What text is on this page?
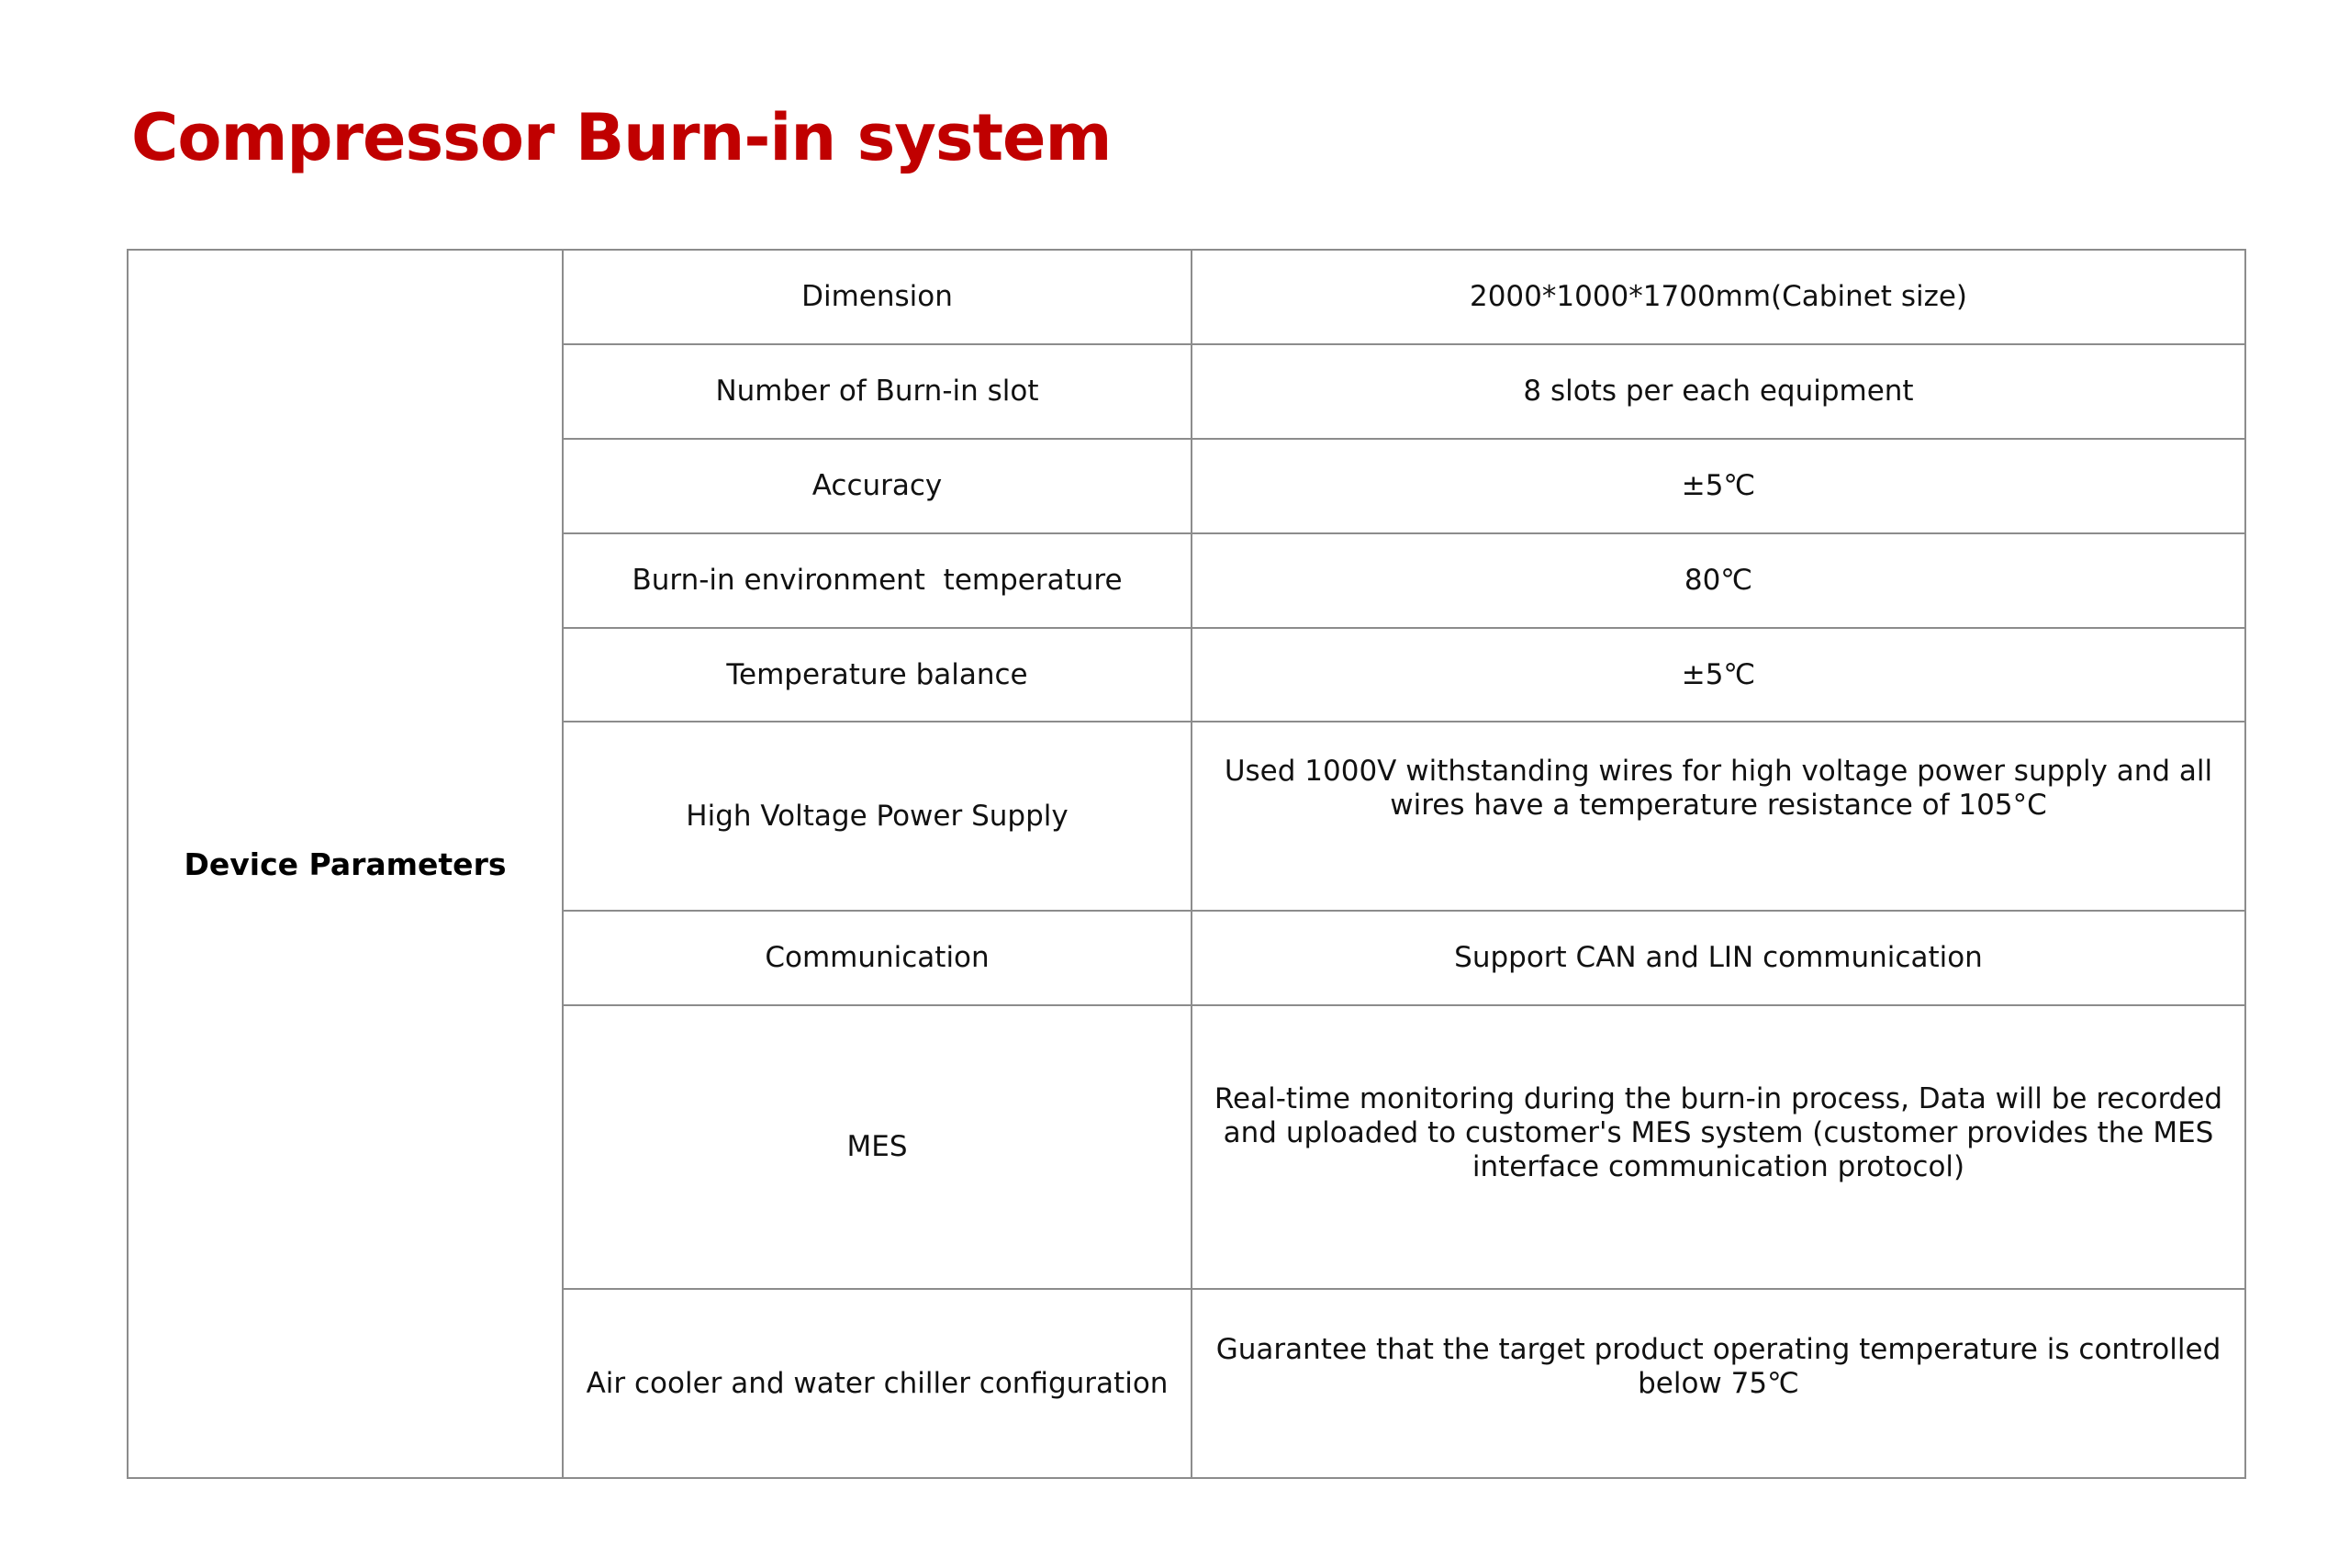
Compressor Burn-in system
Device Parameters	Dimension	2000*1000*1700mm(Cabinet size)
	Number of Burn-in slot	8 slots per each equipment
	Accuracy	±5℃
	Burn-in environment  temperature	80℃
	Temperature balance	±5℃
	High Voltage Power Supply	Used 1000V withstanding wires for high voltage power supply and all wires have a temperature resistance of 105°C
	Communication	Support CAN and LIN communication
	MES	Real-time monitoring during the burn-in process, Data will be recorded and uploaded to customer's MES system (customer provides the MES interface communication protocol)
	Air cooler and water chiller configuration	Guarantee that the target product operating temperature is controlled below 75℃
